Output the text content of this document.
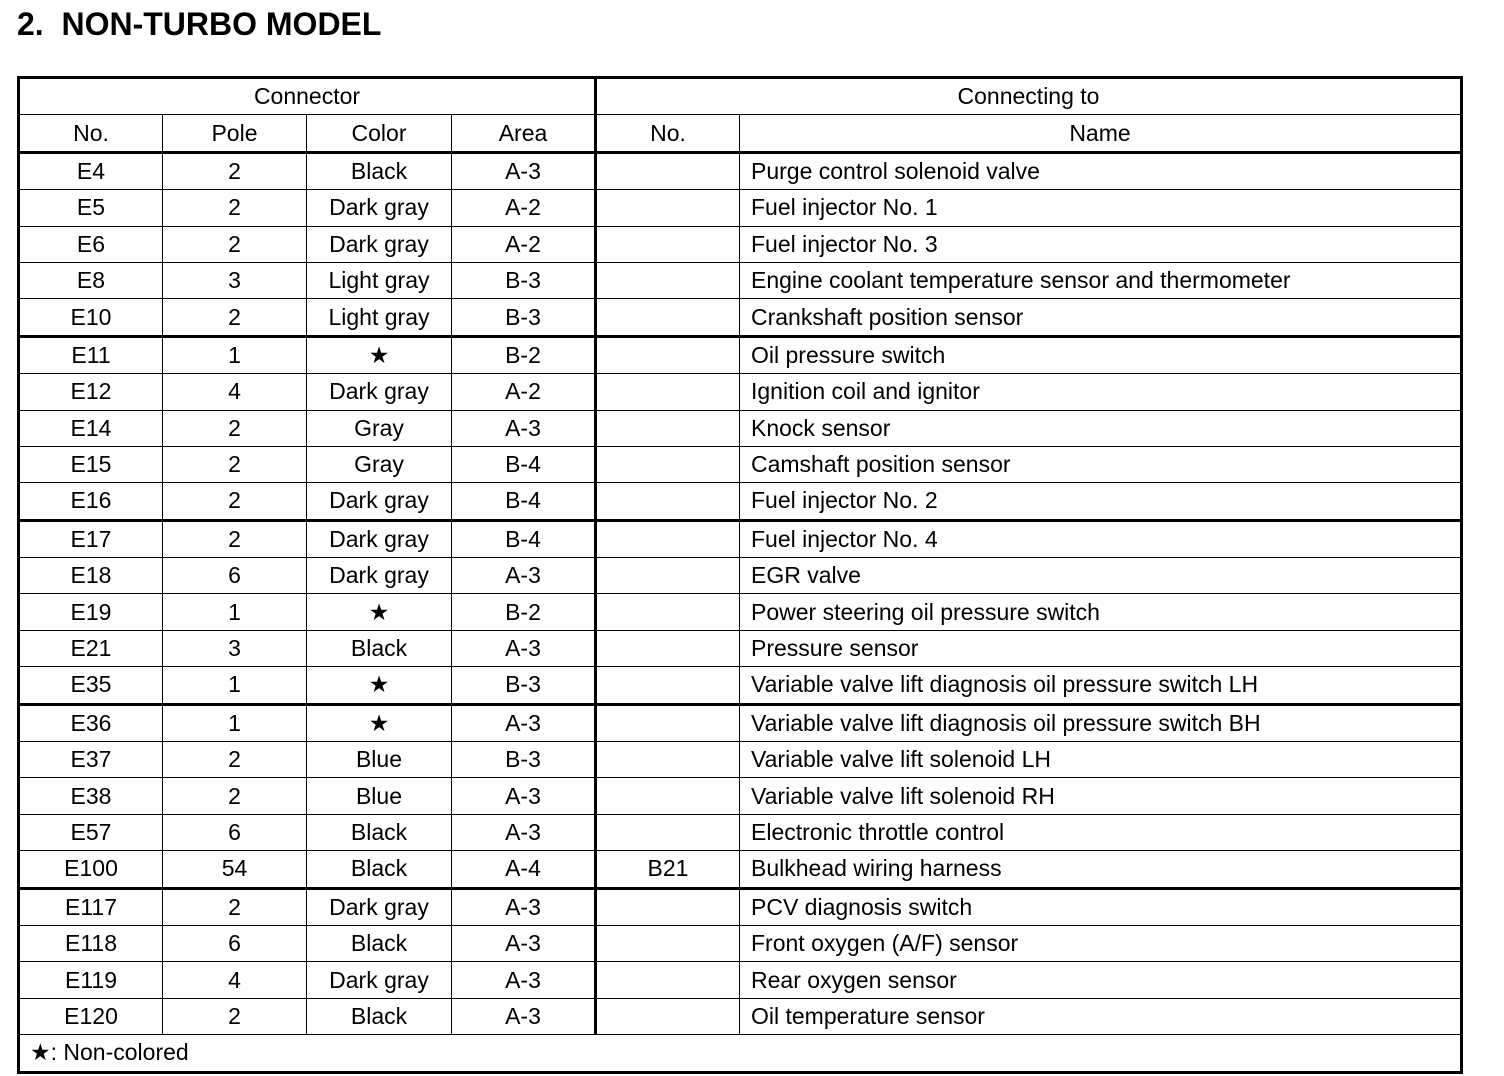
2.  NON-TURBO MODEL
Connector				Connecting to	
No.	Pole	Color	Area	No.	Name
E4	2	Black	A-3		Purge control solenoid valve
E5	2	Dark gray	A-2		Fuel injector No. 1
E6	2	Dark gray	A-2		Fuel injector No. 3
E8	3	Light gray	B-3		Engine coolant temperature sensor and thermometer
E10	2	Light gray	B-3		Crankshaft position sensor
E11	1	★	B-2		Oil pressure switch
E12	4	Dark gray	A-2		Ignition coil and ignitor
E14	2	Gray	A-3		Knock sensor
E15	2	Gray	B-4		Camshaft position sensor
E16	2	Dark gray	B-4		Fuel injector No. 2
E17	2	Dark gray	B-4		Fuel injector No. 4
E18	6	Dark gray	A-3		EGR valve
E19	1	★	B-2		Power steering oil pressure switch
E21	3	Black	A-3		Pressure sensor
E35	1	★	B-3		Variable valve lift diagnosis oil pressure switch LH
E36	1	★	A-3		Variable valve lift diagnosis oil pressure switch BH
E37	2	Blue	B-3		Variable valve lift solenoid LH
E38	2	Blue	A-3		Variable valve lift solenoid RH
E57	6	Black	A-3		Electronic throttle control
E100	54	Black	A-4	B21	Bulkhead wiring harness
E117	2	Dark gray	A-3		PCV diagnosis switch
E118	6	Black	A-3		Front oxygen (A/F) sensor
E119	4	Dark gray	A-3		Rear oxygen sensor
E120	2	Black	A-3		Oil temperature sensor
★: Non-colored					
